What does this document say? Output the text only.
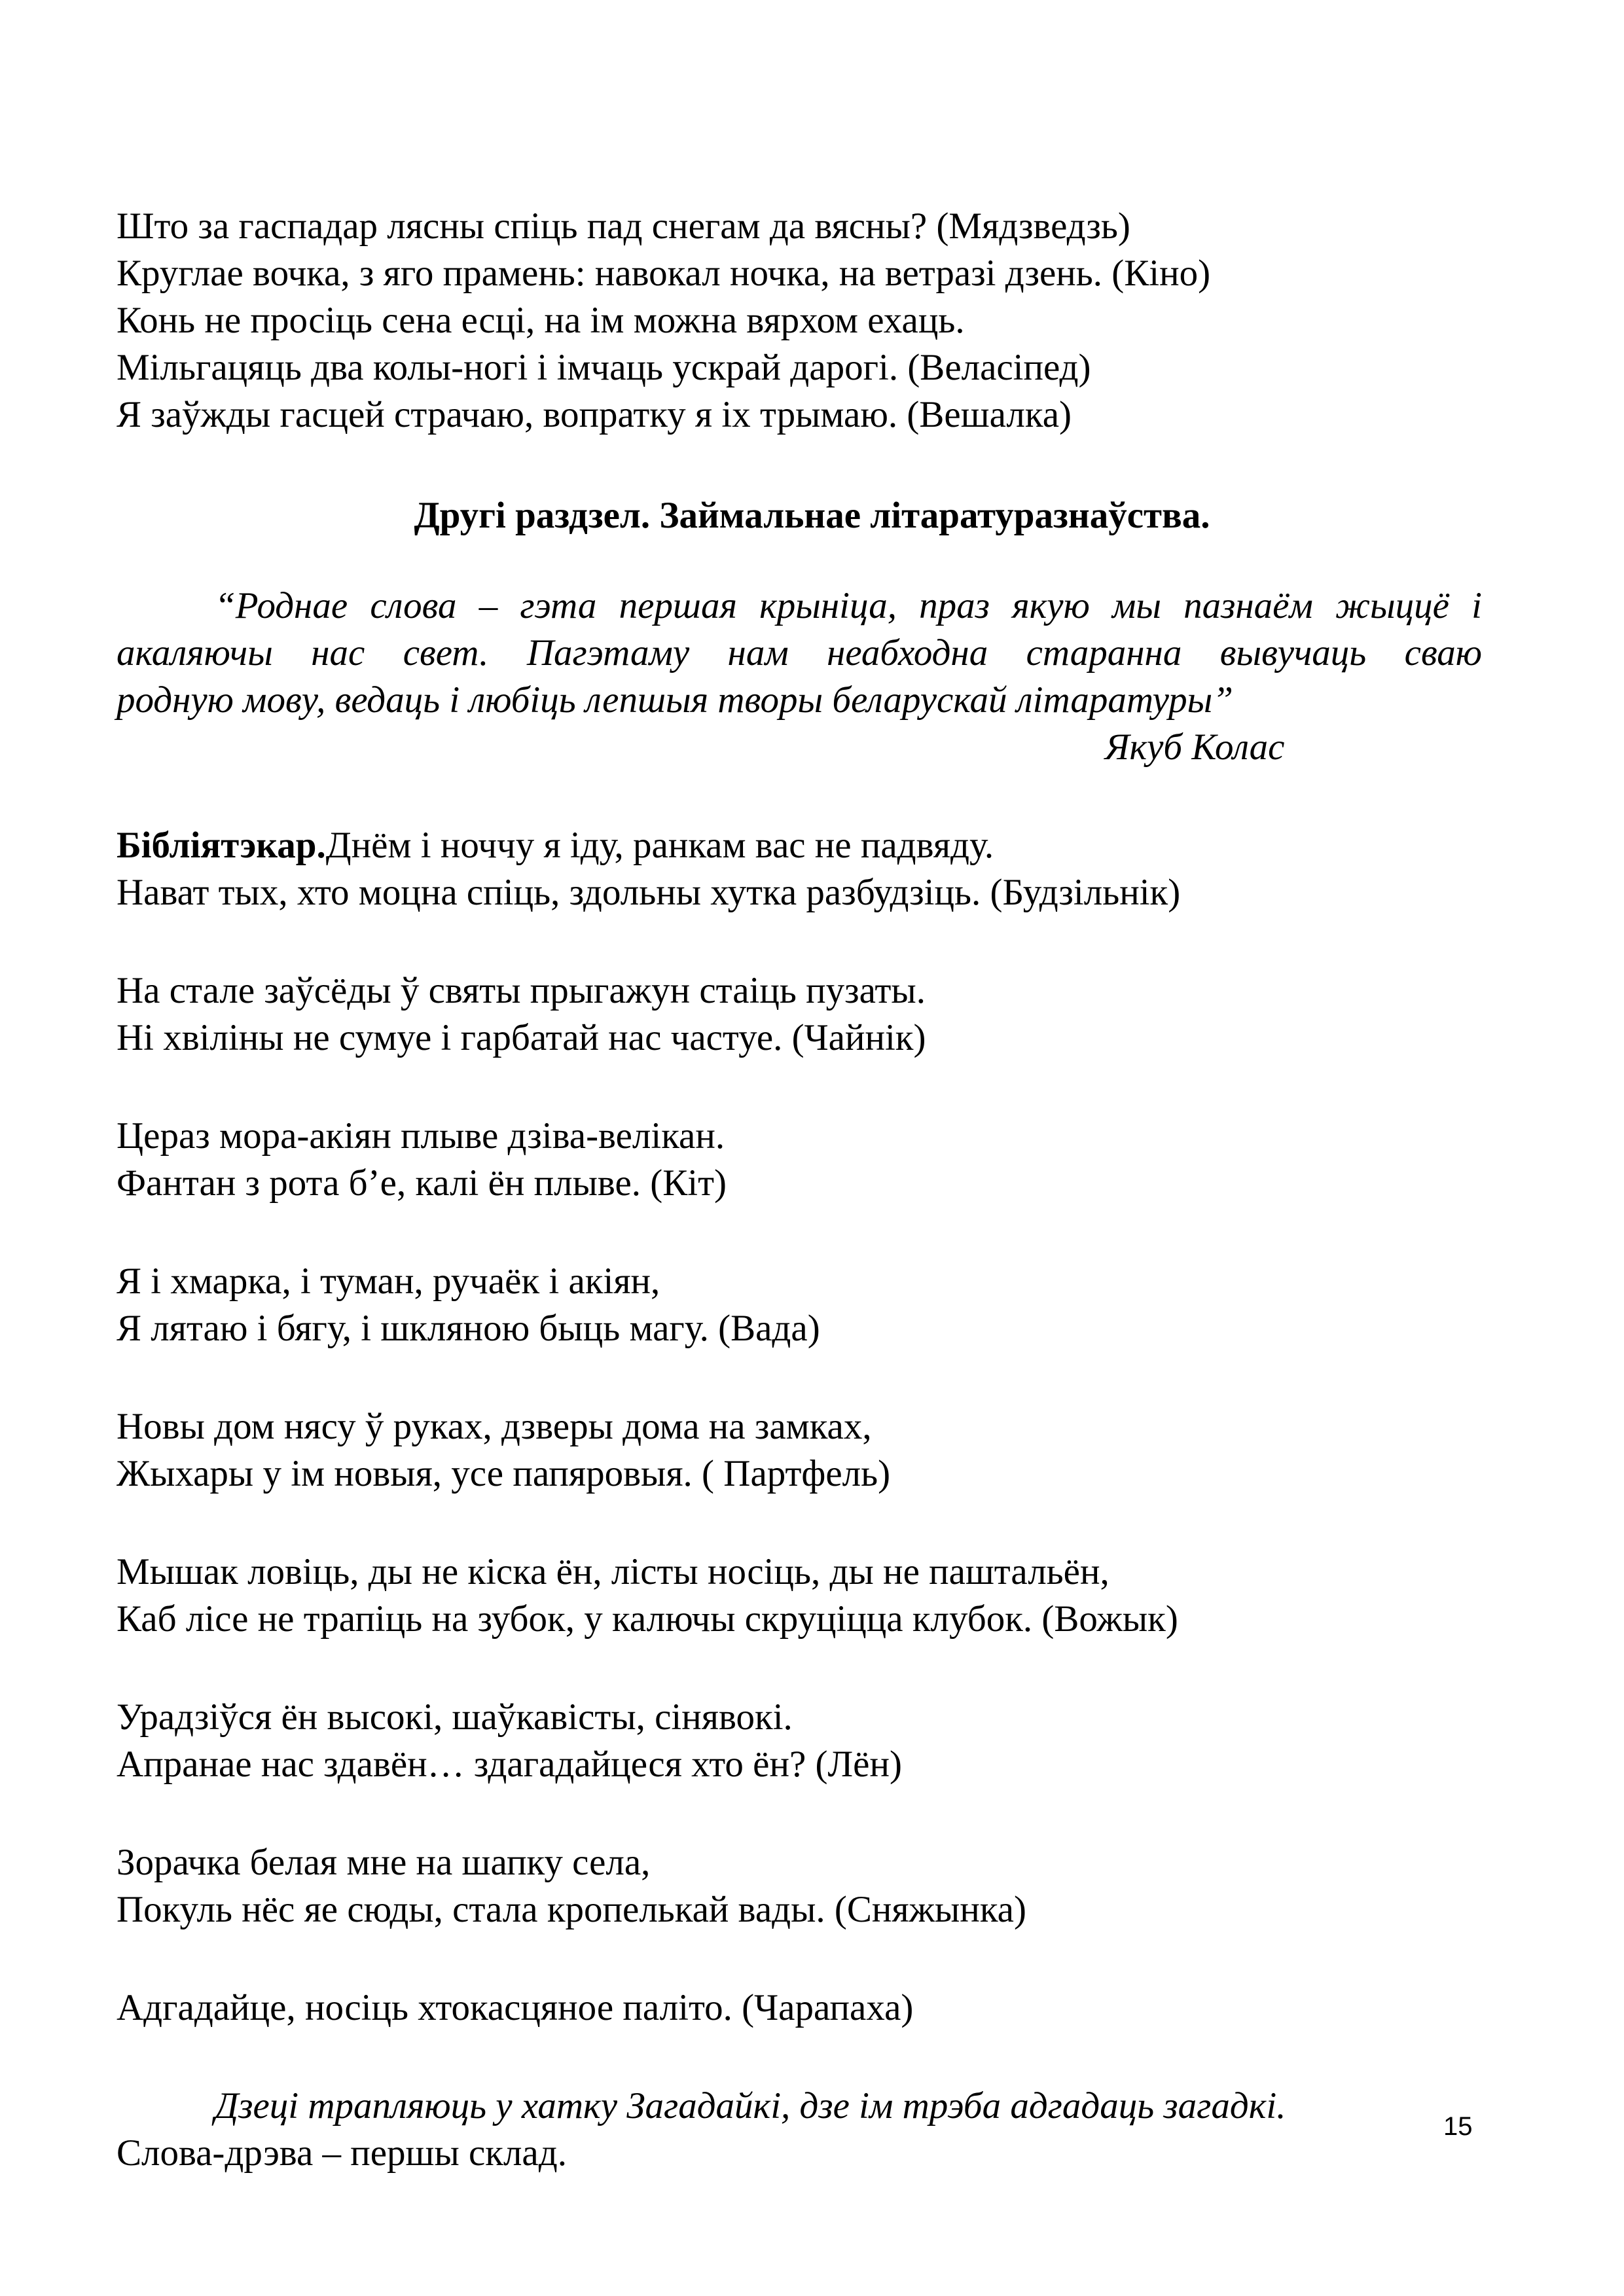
Што за гаспадар лясны спіць пад снегам да вясны? (Мядзведзь)
Круглае вочка, з яго прамень: навокал ночка, на ветразі дзень. (Кіно)
Конь не просіць сена есці, на ім можна вярхом ехаць.
Мільгацяць два колы-ногі і імчаць ускрай дарогі. (Веласіпед)
Я заўжды гасцей страчаю, вопратку я іх трымаю. (Вешалка)
Другі раздзел. Займальнае літаратуразнаўства.
“Роднае слова – гэта першая крыніца, праз якую мы пазнаём жыццё і
акаляючы нас свет. Пагэтаму нам неабходна старанна вывучаць сваю
родную мову, ведаць і любіць лепшыя творы беларускай літаратуры”
Якуб Колас
Бібліятэкар.Днём і ноччу я іду, ранкам вас не падвяду.
Нават тых, хто моцна спіць, здольны хутка разбудзіць. (Будзільнік)
На стале заўсёды ў святы прыгажун стаіць пузаты.
Ні хвіліны не сумуе і гарбатай нас частуе. (Чайнік)
Цераз мора-акіян плыве дзіва-велікан.
Фантан з рота б’е, калі ён плыве. (Кіт)
Я і хмарка, і туман, ручаёк і акіян,
Я лятаю і бягу, і шкляною быць магу. (Вада)
Новы дом нясу ў руках, дзверы дома на замках,
Жыхары у ім новыя, усе папяровыя. ( Партфель)
Мышак ловіць, ды не кіска ён, лісты носіць, ды не паштальён,
Каб лісе не трапіць на зубок, у калючы скруціцца клубок. (Вожык)
Урадзіўся ён высокі, шаўкавісты, сінявокі.
Апранае нас здавён… здагадайцеся хто ён? (Лён)
Зорачка белая мне на шапку села,
Покуль нёс яе сюды, стала кропелькай вады. (Сняжынка)
Адгадайце, носіць хтокасцяное паліто. (Чарапаха)
Дзеці трапляюць у хатку Загадайкі, дзе ім трэба адгадаць загадкі.
Слова-дрэва – першы склад.
15
